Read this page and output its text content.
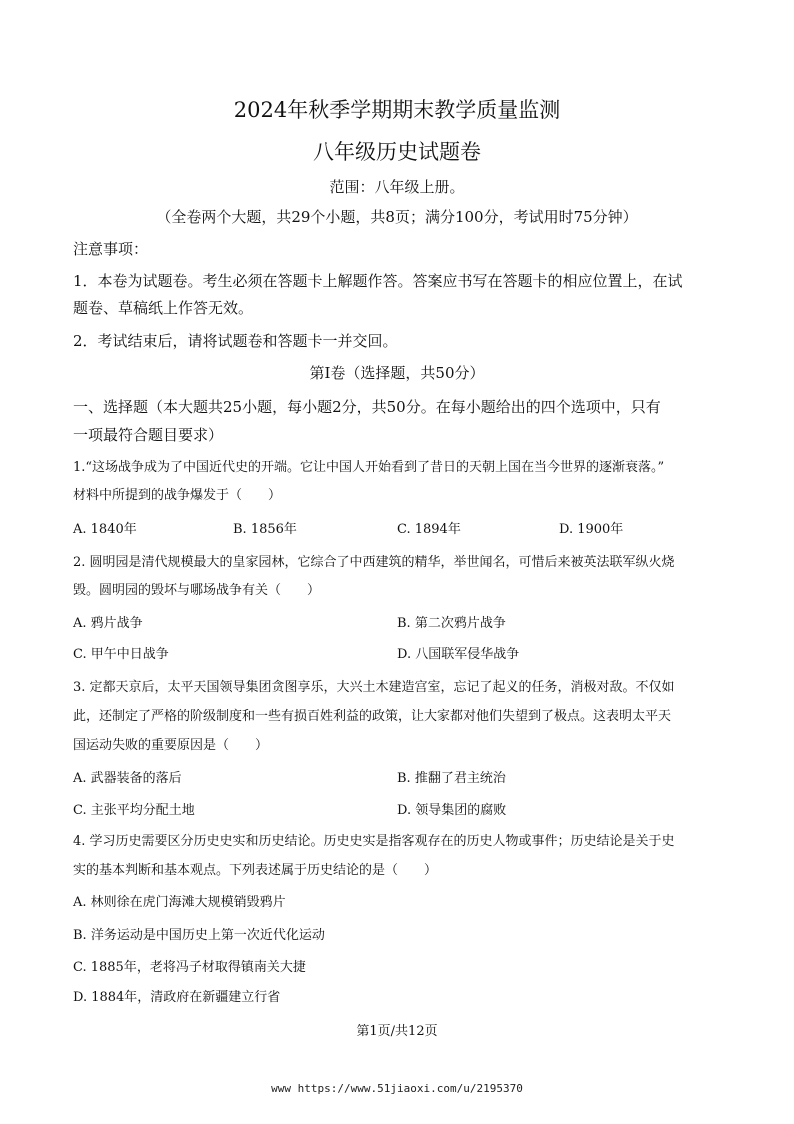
2024年秋季学期期末教学质量监测
八年级历史试题卷
范围：八年级上册。
（全卷两个大题，共29个小题，共8页；满分100分，考试用时75分钟）
注意事项：
1．本卷为试题卷。考生必须在答题卡上解题作答。答案应书写在答题卡的相应位置上，在试
题卷、草稿纸上作答无效。
2．考试结束后，请将试题卷和答题卡一并交回。
第Ⅰ卷（选择题，共50分）
一、选择题（本大题共25小题，每小题2分，共50分。在每小题给出的四个选项中，只有
一项最符合题目要求）
1.“这场战争成为了中国近代史的开端。它让中国人开始看到了昔日的天朝上国在当今世界的逐渐衰落。”
材料中所提到的战争爆发于（　　）
A. 1840年	B. 1856年	C. 1894年	D. 1900年
2. 圆明园是清代规模最大的皇家园林，它综合了中西建筑的精华，举世闻名，可惜后来被英法联军纵火烧
毁。圆明园的毁坏与哪场战争有关（　　）
A. 鸦片战争	B. 第二次鸦片战争
C. 甲午中日战争	D. 八国联军侵华战争
3. 定都天京后，太平天国领导集团贪图享乐，大兴土木建造宫室，忘记了起义的任务，消极对敌。不仅如
此，还制定了严格的阶级制度和一些有损百姓利益的政策，让大家都对他们失望到了极点。这表明太平天
国运动失败的重要原因是（　　）
A. 武器装备的落后	B. 推翻了君主统治
C. 主张平均分配土地	D. 领导集团的腐败
4. 学习历史需要区分历史史实和历史结论。历史史实是指客观存在的历史人物或事件；历史结论是关于史
实的基本判断和基本观点。下列表述属于历史结论的是（　　）
A. 林则徐在虎门海滩大规模销毁鸦片
B. 洋务运动是中国历史上第一次近代化运动
C. 1885年，老将冯子材取得镇南关大捷
D. 1884年，清政府在新疆建立行省
第1页/共12页
www https://www.51jiaoxi.com/u/2195370
